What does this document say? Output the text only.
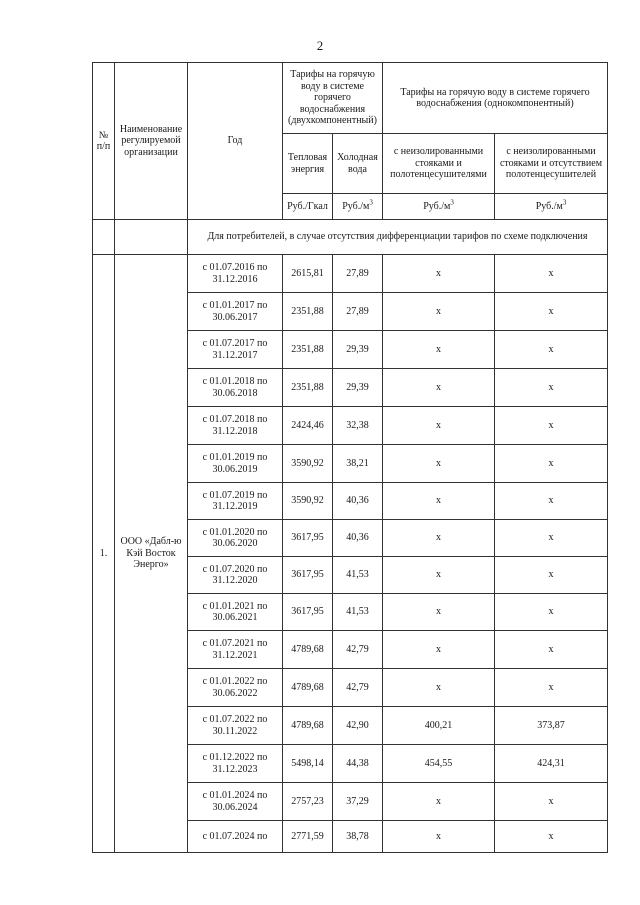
2
№ п/п	Наименование регулируемой организации	Год	Тарифы на горячую воду в системе горячего водоснабжения (двухкомпонентный)		Тарифы на горячую воду в системе горячего водоснабжения (однокомпонентный)	
			Тепловая энергия	Холодная вода	с неизолированными стояками и полотенцесушителями	с неизолированными стояками и отсутствием полотенцесушителей
			Руб./Гкал	$Руб./м^3$	$Руб./м^3$	$Руб./м^3$
		Для потребителей, в случае отсутствия дифференциации тарифов по схеме подключения				
1.	ООО «Дабл-ю Кэй Восток Энерго»	с 01.07.2016 по 31.12.2016	2615,81	27,89	х	х
		с 01.01.2017 по 30.06.2017	2351,88	27,89	х	х
		с 01.07.2017 по 31.12.2017	2351,88	29,39	х	х
		с 01.01.2018 по 30.06.2018	2351,88	29,39	х	х
		с 01.07.2018 по 31.12.2018	2424,46	32,38	х	х
		с 01.01.2019 по 30.06.2019	3590,92	38,21	х	х
		с 01.07.2019 по 31.12.2019	3590,92	40,36	х	х
		с 01.01.2020 по 30.06.2020	3617,95	40,36	х	х
		с 01.07.2020 по 31.12.2020	3617,95	41,53	х	х
		с 01.01.2021 по 30.06.2021	3617,95	41,53	х	х
		с 01.07.2021 по 31.12.2021	4789,68	42,79	х	х
		с 01.01.2022 по 30.06.2022	4789,68	42,79	х	х
		с 01.07.2022 по 30.11.2022	4789,68	42,90	400,21	373,87
		с 01.12.2022 по 31.12.2023	5498,14	44,38	454,55	424,31
		с 01.01.2024 по 30.06.2024	2757,23	37,29	х	х
		с 01.07.2024 по	2771,59	38,78	х	х
